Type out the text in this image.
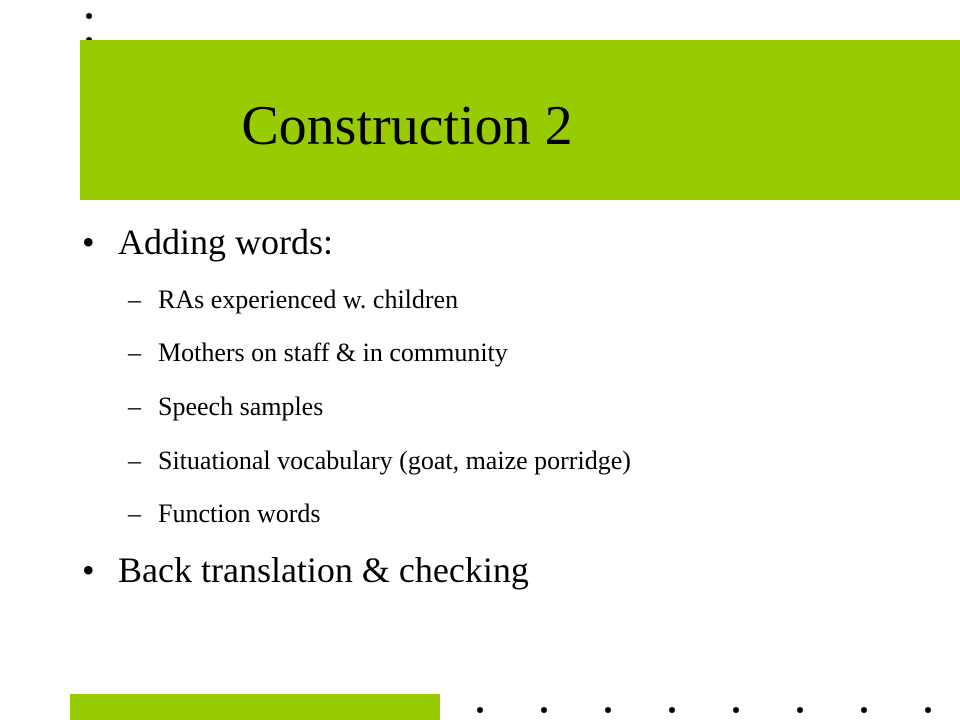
Construction 2
• Adding words:
– RAs experienced w. children
– Mothers on staff & in community
– Speech samples
– Situational vocabulary (goat, maize porridge)
– Function words
• Back translation & checking
